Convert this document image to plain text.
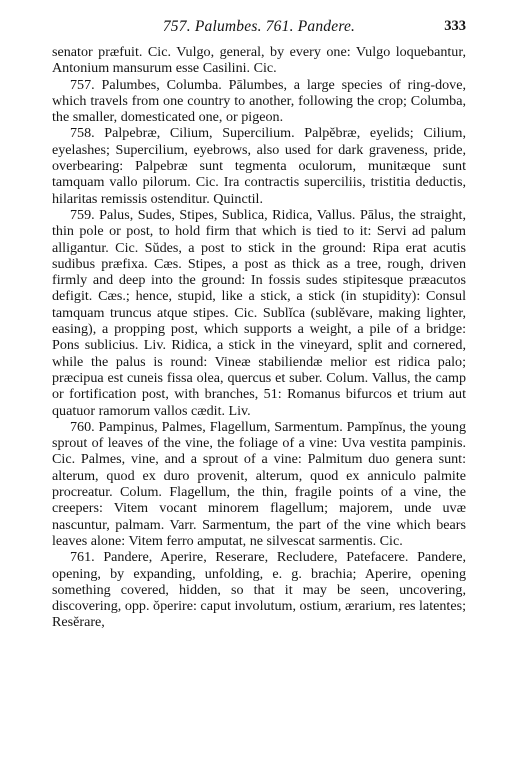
757. Palumbes. 761. Pandere.	333

senator præfuit. Cic. Vulgo, general, by every one: Vulgo loquebantur, Antonium mansurum esse Casilini. Cic.

757. Palumbes, Columba. Pālumbes, a large species of ring-dove, which travels from one country to another, following the crop; Columba, the smaller, domesticated one, or pigeon.

758. Palpebræ, Cilium, Supercilium. Palpĕbræ, eyelids; Cilium, eyelashes; Supercilium, eyebrows, also used for dark graveness, pride, overbearing: Palpebræ sunt tegmenta oculorum, munitæque sunt tamquam vallo pilorum. Cic. Ira contractis superciliis, tristitia deductis, hilaritas remissis ostenditur. Quinctil.

759. Palus, Sudes, Stipes, Sublica, Ridica, Vallus. Pālus, the straight, thin pole or post, to hold firm that which is tied to it: Servi ad palum alligantur. Cic. Sŭdes, a post to stick in the ground: Ripa erat acutis sudibus præfixa. Cæs. Stipes, a post as thick as a tree, rough, driven firmly and deep into the ground: In fossis sudes stipitesque præacutos defigit. Cæs.; hence, stupid, like a stick, a stick (in stupidity): Consul tamquam truncus atque stipes. Cic. Sublĭca (sublĕvare, making lighter, easing), a propping post, which supports a weight, a pile of a bridge: Pons sublicius. Liv. Ridica, a stick in the vineyard, split and cornered, while the palus is round: Vineæ stabiliendæ melior est ridica palo; præcipua est cuneis fissa olea, quercus et suber. Colum. Vallus, the camp or fortification post, with branches, 51: Romanus bifurcos et trium aut quatuor ramorum vallos cædit. Liv.

760. Pampinus, Palmes, Flagellum, Sarmentum. Pampĭnus, the young sprout of leaves of the vine, the foliage of a vine: Uva vestita pampinis. Cic. Palmes, vine, and a sprout of a vine: Palmitum duo genera sunt: alterum, quod ex duro provenit, alterum, quod ex anniculo palmite procreatur. Colum. Flagellum, the thin, fragile points of a vine, the creepers: Vitem vocant minorem flagellum; majorem, unde uvæ nascuntur, palmam. Varr. Sarmentum, the part of the vine which bears leaves alone: Vitem ferro amputat, ne silvescat sarmentis. Cic.

761. Pandere, Aperire, Reserare, Recludere, Patefacere. Pandere, opening, by expanding, unfolding, e. g. brachia; Aperire, opening something covered, hidden, so that it may be seen, uncovering, discovering, opp. ŏperire: caput involutum, ostium, ærarium, res latentes; Resĕrare,
